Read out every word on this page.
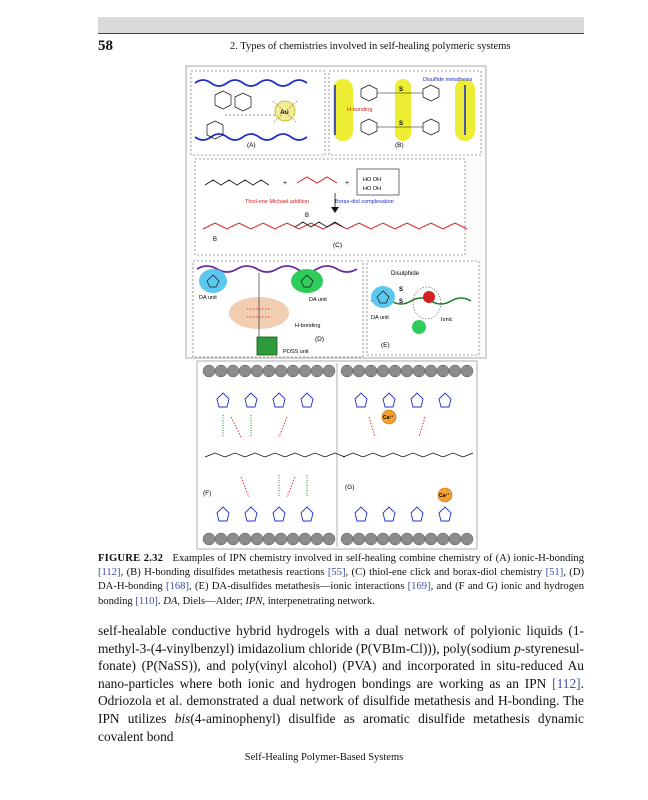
58	2. Types of chemistries involved in self-healing polymeric systems
Au
(A)
S
S
Disulfide metathesis
H-bonding
(B)
+	+	HO OH
HO OH
Thiol-ene Michael addition	Borax-diol complexation
B
B
(C)
DA unit	DA unit
H-bonding
(D)
POSS unit
Disulphide
S
S
DA unit	Ionic
(E)
Ca²⁺
Ca²⁺
(F)
(G)
FIGURE 2.32 Examples of IPN chemistry involved in self-healing combine chemistry of (A) ionic-H-bonding [112], (B) H-bonding disulfides metathesis reactions [55], (C) thiol-ene click and borax-diol chemistry [51], (D) DA-H-bonding [168], (E) DA-disulfides metathesis—ionic interactions [169], and (F and G) ionic and hydrogen bonding [110]. DA, Diels—Alder; IPN, interpenetrating network.
self-healable conductive hybrid hydrogels with a dual network of polyionic liquids (1-methyl-3-(4-vinylbenzyl) imidazolium chloride (P(VBIm-Cl))), poly(sodium p-styrenesul-fonate) (P(NaSS)), and poly(vinyl alcohol) (PVA) and incorporated in situ-reduced Au nano-particles where both ionic and hydrogen bondings are working as an IPN [112]. Odriozola et al. demonstrated a dual network of disulfide metathesis and H-bonding. The IPN utilizes bis(4-aminophenyl) disulfide as aromatic disulfide metathesis dynamic covalent bond
Self-Healing Polymer-Based Systems
